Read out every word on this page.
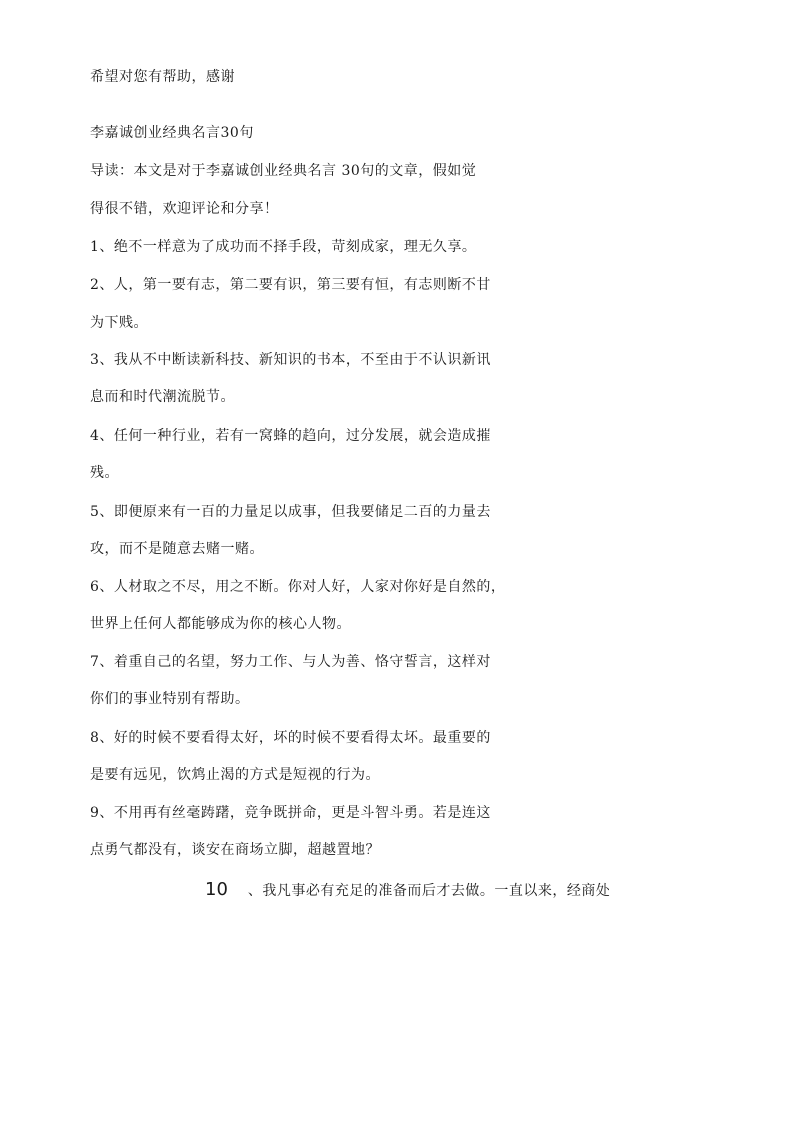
希望对您有帮助，感谢

李嘉诚创业经典名言30句

导读：本文是对于李嘉诚创业经典名言 30句的文章，假如觉

得很不错，欢迎评论和分享！

1、绝不一样意为了成功而不择手段，苛刻成家，理无久享。

2、人，第一要有志，第二要有识，第三要有恒，有志则断不甘

为下贱。

3、我从不中断读新科技、新知识的书本，不至由于不认识新讯

息而和时代潮流脱节。

4、任何一种行业，若有一窝蜂的趋向，过分发展，就会造成摧

残。

5、即便原来有一百的力量足以成事，但我要储足二百的力量去

攻，而不是随意去赌一赌。

6、人材取之不尽，用之不断。你对人好，人家对你好是自然的，

世界上任何人都能够成为你的核心人物。

7、着重自己的名望，努力工作、与人为善、恪守誓言，这样对

你们的事业特别有帮助。

8、好的时候不要看得太好，坏的时候不要看得太坏。最重要的

是要有远见，饮鸩止渴的方式是短视的行为。

9、不用再有丝毫踌躇，竞争既拼命，更是斗智斗勇。若是连这

点勇气都没有，谈安在商场立脚，超越置地？

10 、我凡事必有充足的准备而后才去做。一直以来，经商处
